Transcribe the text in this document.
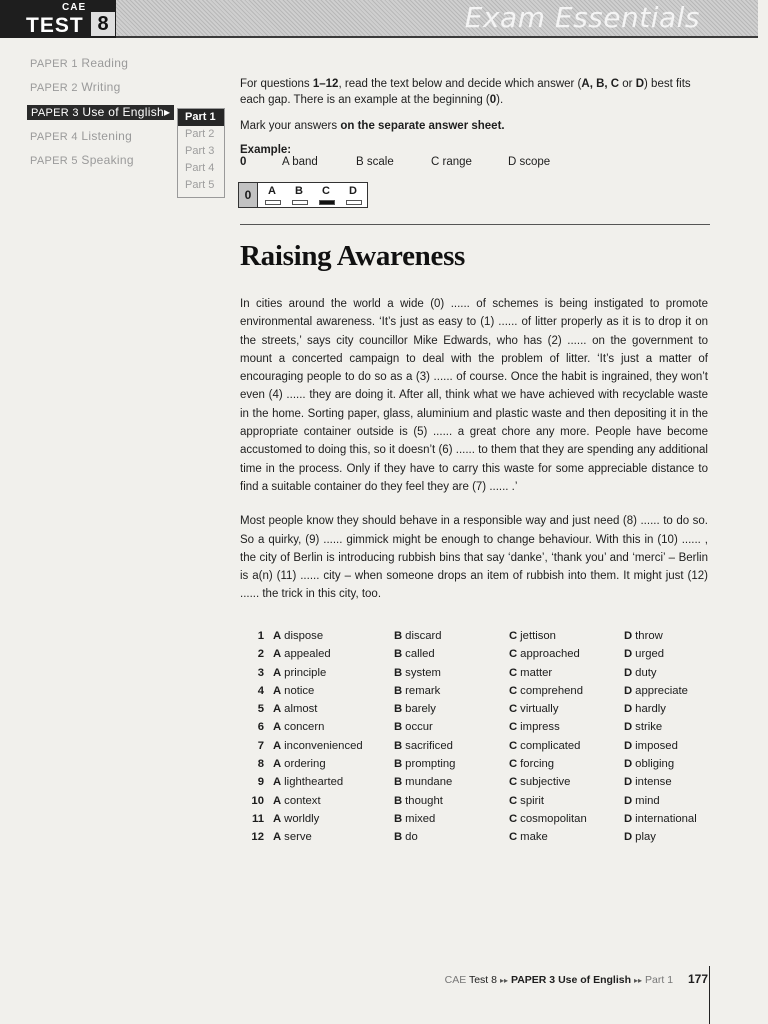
Exam Essentials
CAE
TEST 8
PAPER 1 Reading
PAPER 2 Writing
PAPER 3 Use of English▸
PAPER 4 Listening
PAPER 5 Speaking
Part 1
Part 2
Part 3
Part 4
Part 5

For questions 1–12, read the text below and decide which answer (A, B, C or D) best fits each gap. There is an example at the beginning (0).

Mark your answers on the separate answer sheet.

Example:
0	A band	B scale	C range	D scope
0	A	B	C	D
Raising Awareness

In cities around the world a wide (0) ...... of schemes is being instigated to promote environmental awareness. ‘It’s just as easy to (1) ...... of litter properly as it is to drop it on the streets,’ says city councillor Mike Edwards, who has (2) ...... on the government to mount a concerted campaign to deal with the problem of litter. ‘It’s just a matter of encouraging people to do so as a (3) ...... of course. Once the habit is ingrained, they won’t even (4) ...... they are doing it. After all, think what we have achieved with recyclable waste in the home. Sorting paper, glass, aluminium and plastic waste and then depositing it in the appropriate container outside is (5) ...... a great chore any more. People have become accustomed to doing this, so it doesn’t (6) ...... to them that they are spending any additional time in the process. Only if they have to carry this waste for some appreciable distance to find a suitable container do they feel they are (7) ...... .’

Most people know they should behave in a responsible way and just need (8) ...... to do so. So a quirky, (9) ...... gimmick might be enough to change behaviour. With this in (10) ...... , the city of Berlin is introducing rubbish bins that say ‘danke’, ‘thank you’ and ‘merci’ – Berlin is a(n) (11) ...... city – when someone drops an item of rubbish into them. It might just (12) ...... the trick in this city, too.

1 A dispose	B discard	C jettison	D throw
2 A appealed	B called	C approached	D urged
3 A principle	B system	C matter	D duty
4 A notice	B remark	C comprehend	D appreciate
5 A almost	B barely	C virtually	D hardly
6 A concern	B occur	C impress	D strike
7 A inconvenienced	B sacrificed	C complicated	D imposed
8 A ordering	B prompting	C forcing	D obliging
9 A lighthearted	B mundane	C subjective	D intense
10 A context	B thought	C spirit	D mind
11 A worldly	B mixed	C cosmopolitan	D international
12 A serve	B do	C make	D play
CAE Test 8 ▸▸ PAPER 3 Use of English ▸▸ Part 1 177
